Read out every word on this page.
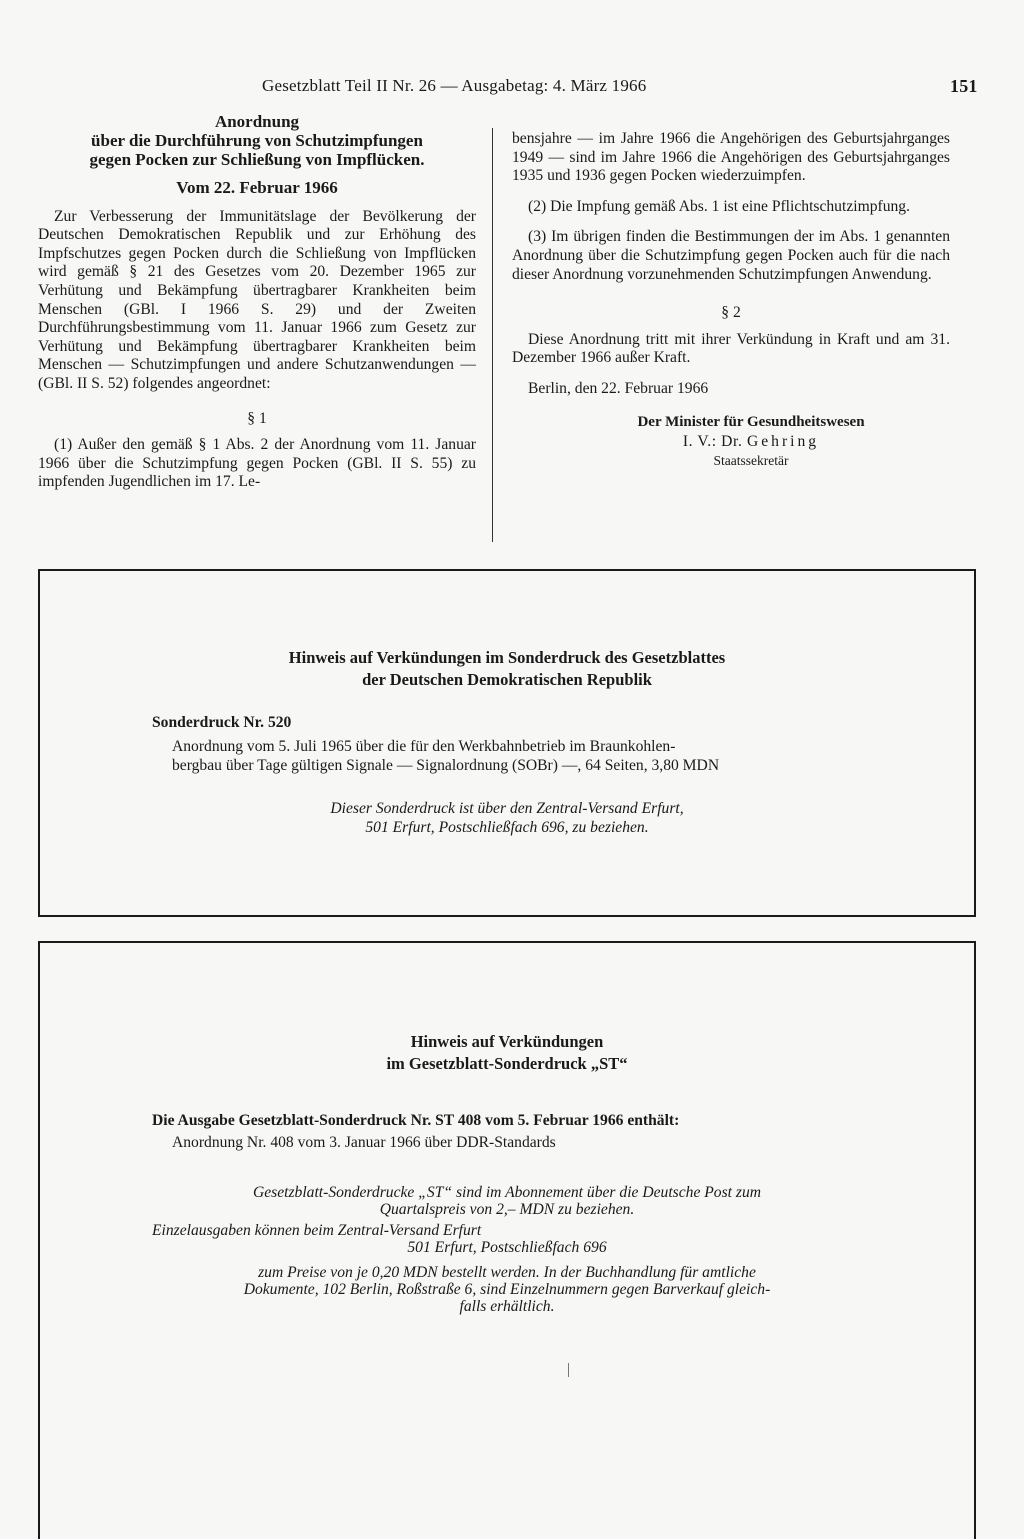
Gesetzblatt Teil II Nr. 26 — Ausgabetag: 4. März 1966	151
Anordnung
über die Durchführung von Schutzimpfungen
gegen Pocken zur Schließung von Impflücken.
Vom 22. Februar 1966

Zur Verbesserung der Immunitätslage der Bevölkerung der Deutschen Demokratischen Republik und zur Erhöhung des Impfschutzes gegen Pocken durch die Schließung von Impflücken wird gemäß § 21 des Gesetzes vom 20. Dezember 1965 zur Verhütung und Bekämpfung übertragbarer Krankheiten beim Menschen (GBl. I 1966 S. 29) und der Zweiten Durchführungsbestimmung vom 11. Januar 1966 zum Gesetz zur Verhütung und Bekämpfung übertragbarer Krankheiten beim Menschen — Schutzimpfungen und andere Schutzanwendungen — (GBl. II S. 52) folgendes angeordnet:

§ 1

(1) Außer den gemäß § 1 Abs. 2 der Anordnung vom 11. Januar 1966 über die Schutzimpfung gegen Pocken (GBl. II S. 55) zu impfenden Jugendlichen im 17. Le-

bensjahre — im Jahre 1966 die Angehörigen des Geburtsjahrganges 1949 — sind im Jahre 1966 die Angehörigen des Geburtsjahrganges 1935 und 1936 gegen Pocken wiederzuimpfen.

(2) Die Impfung gemäß Abs. 1 ist eine Pflichtschutzimpfung.

(3) Im übrigen finden die Bestimmungen der im Abs. 1 genannten Anordnung über die Schutzimpfung gegen Pocken auch für die nach dieser Anordnung vorzunehmenden Schutzimpfungen Anwendung.

§ 2

Diese Anordnung tritt mit ihrer Verkündung in Kraft und am 31. Dezember 1966 außer Kraft.

Berlin, den 22. Februar 1966

Der Minister für Gesundheitswesen
I. V.: Dr. Gehring
Staatssekretär
Hinweis auf Verkündungen im Sonderdruck des Gesetzblattes
der Deutschen Demokratischen Republik
Sonderdruck Nr. 520
Anordnung vom 5. Juli 1965 über die für den Werkbahnbetrieb im Braunkohlen-
bergbau über Tage gültigen Signale — Signalordnung (SOBr) —, 64 Seiten, 3,80 MDN
Dieser Sonderdruck ist über den Zentral-Versand Erfurt,
501 Erfurt, Postschließfach 696, zu beziehen.
Hinweis auf Verkündungen
im Gesetzblatt-Sonderdruck „ST“
Die Ausgabe Gesetzblatt-Sonderdruck Nr. ST 408 vom 5. Februar 1966 enthält:
Anordnung Nr. 408 vom 3. Januar 1966 über DDR-Standards
Gesetzblatt-Sonderdrucke „ST“ sind im Abonnement über die Deutsche Post zum
Quartalspreis von 2,– MDN zu beziehen.
Einzelausgaben können beim Zentral-Versand Erfurt
501 Erfurt, Postschließfach 696
zum Preise von je 0,20 MDN bestellt werden. In der Buchhandlung für amtliche
Dokumente, 102 Berlin, Roßstraße 6, sind Einzelnummern gegen Barverkauf gleich-
falls erhältlich.
